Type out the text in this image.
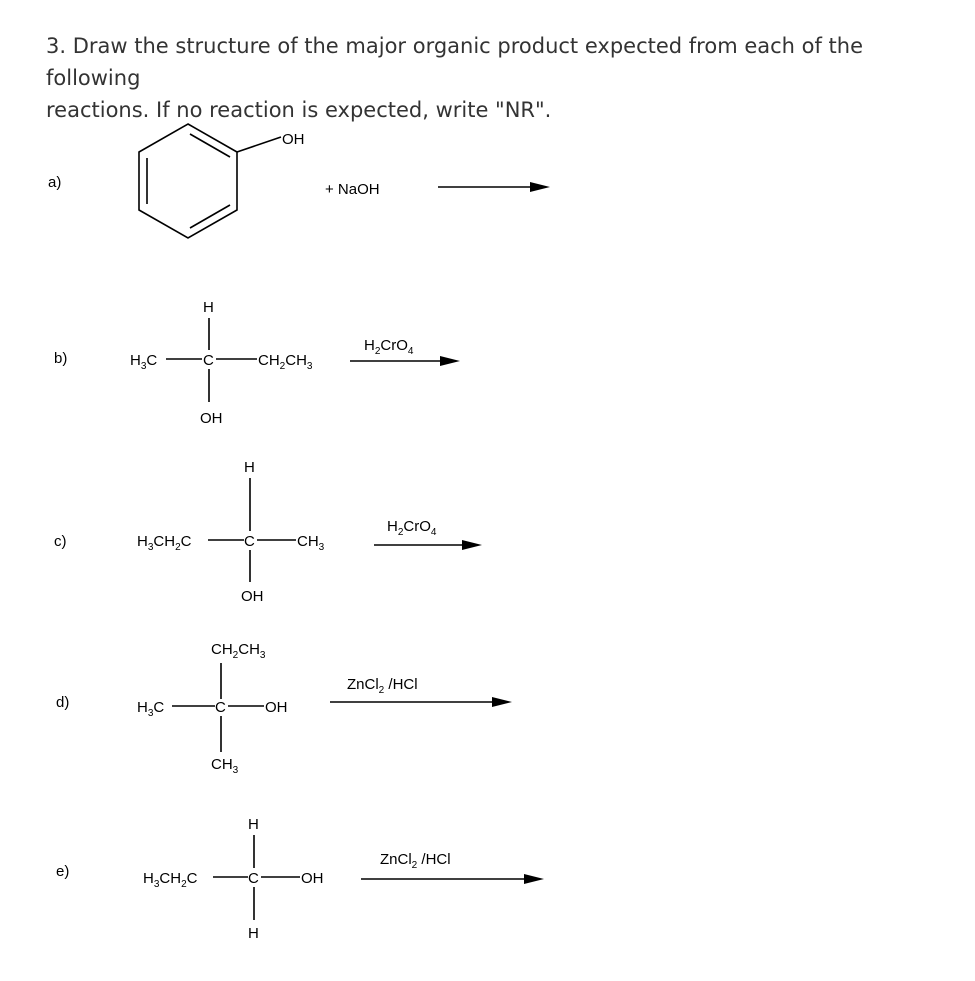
3. Draw the structure of the major organic product expected from each of the following
reactions. If no reaction is expected, write "NR".
a)
OH
+ NaOH
b)
H
$H_3C$	C	$CH_2CH_3$
OH
$H_2CrO_4$
c)
H
$H_3CH_2C$	C	$CH_3$
OH
$H_2CrO_4$
d)
$CH_2CH_3$
$H_3C$	C	OH
$CH_3$
ZnCl$_2$ /HCl
e)
H
$H_3CH_2C$	C	OH
H
ZnCl$_2$ /HCl
